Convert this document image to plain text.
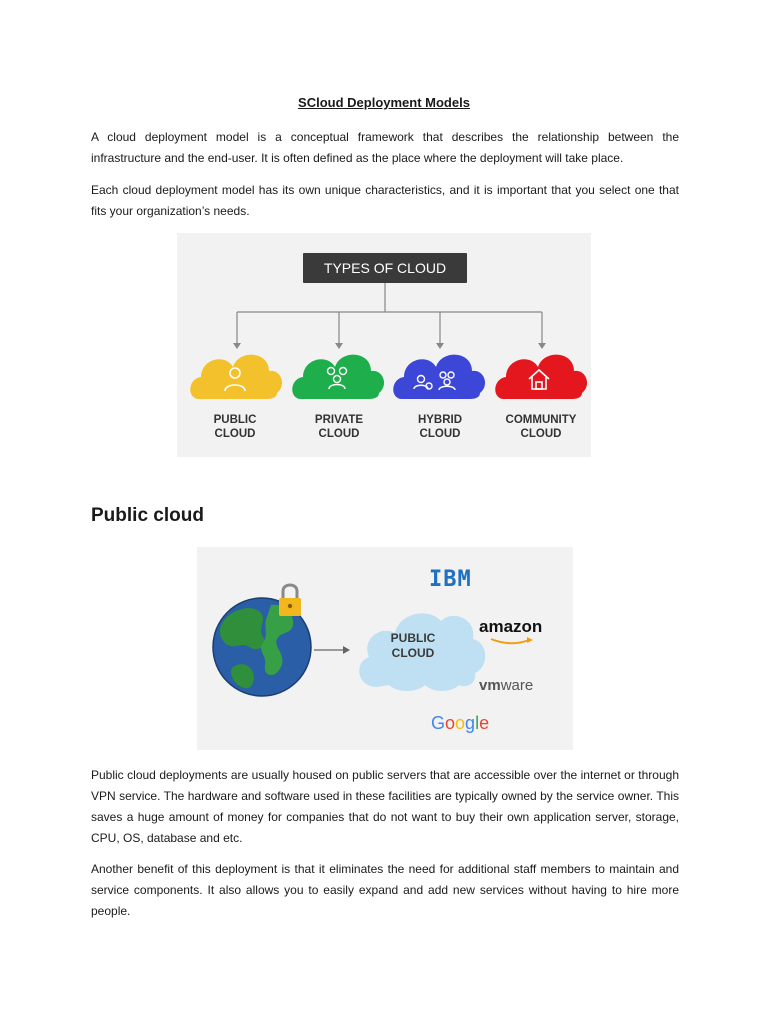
SCloud Deployment Models

A cloud deployment model is a conceptual framework that describes the relationship between the infrastructure and the end-user. It is often defined as the place where the deployment will take place.

Each cloud deployment model has its own unique characteristics, and it is important that you select one that fits your organization’s needs.

TYPES OF CLOUD
PUBLIC
CLOUD
PRIVATE
CLOUD
HYBRID
CLOUD
COMMUNITY
CLOUD
Public cloud
PUBLIC
CLOUD
IBM
amazon
vmware
Google

Public cloud deployments are usually housed on public servers that are accessible over the internet or through VPN service. The hardware and software used in these facilities are typically owned by the service owner. This saves a huge amount of money for companies that do not want to buy their own application server, storage, CPU, OS, database and etc.

Another benefit of this deployment is that it eliminates the need for additional staff members to maintain and service components. It also allows you to easily expand and add new services without having to hire more people.
